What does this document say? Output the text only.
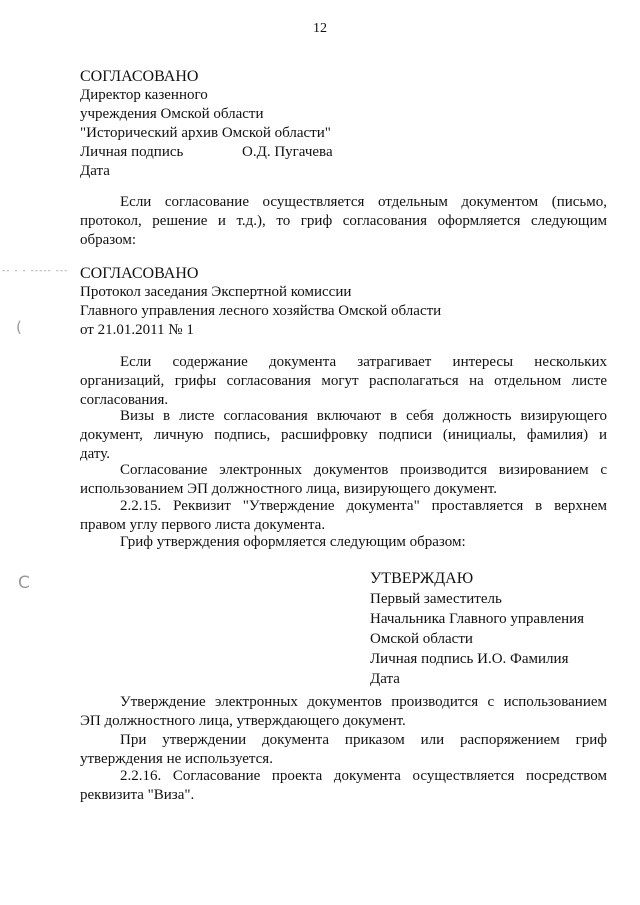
12
-- - - ----- ---
(
C
СОГЛАСОВАНО
Директор казенного
учреждения Омской области
"Исторический архив Омской области"
Личная подпись	О.Д. Пугачева
Дата
Если согласование осуществляется отдельным документом (письмо,
протокол, решение и т.д.), то гриф согласования оформляется следующим
образом:
СОГЛАСОВАНО
Протокол заседания Экспертной комиссии
Главного управления лесного хозяйства Омской области
от 21.01.2011 № 1
Если содержание документа затрагивает интересы нескольких
организаций, грифы согласования могут располагаться на отдельном листе
согласования.
Визы в листе согласования включают в себя должность визирующего
документ, личную подпись, расшифровку подписи (инициалы, фамилия) и
дату.
Согласование электронных документов производится визированием с
использованием ЭП должностного лица, визирующего документ.
2.2.15. Реквизит "Утверждение документа" проставляется в верхнем
правом углу первого листа документа.
Гриф утверждения оформляется следующим образом:
УТВЕРЖДАЮ
Первый заместитель
Начальника Главного управления
Омской области
Личная подпись И.О. Фамилия
Дата
Утверждение электронных документов производится с использованием
ЭП должностного лица, утверждающего документ.
При утверждении документа приказом или распоряжением гриф
утверждения не используется.
2.2.16. Согласование проекта документа осуществляется посредством
реквизита "Виза".
